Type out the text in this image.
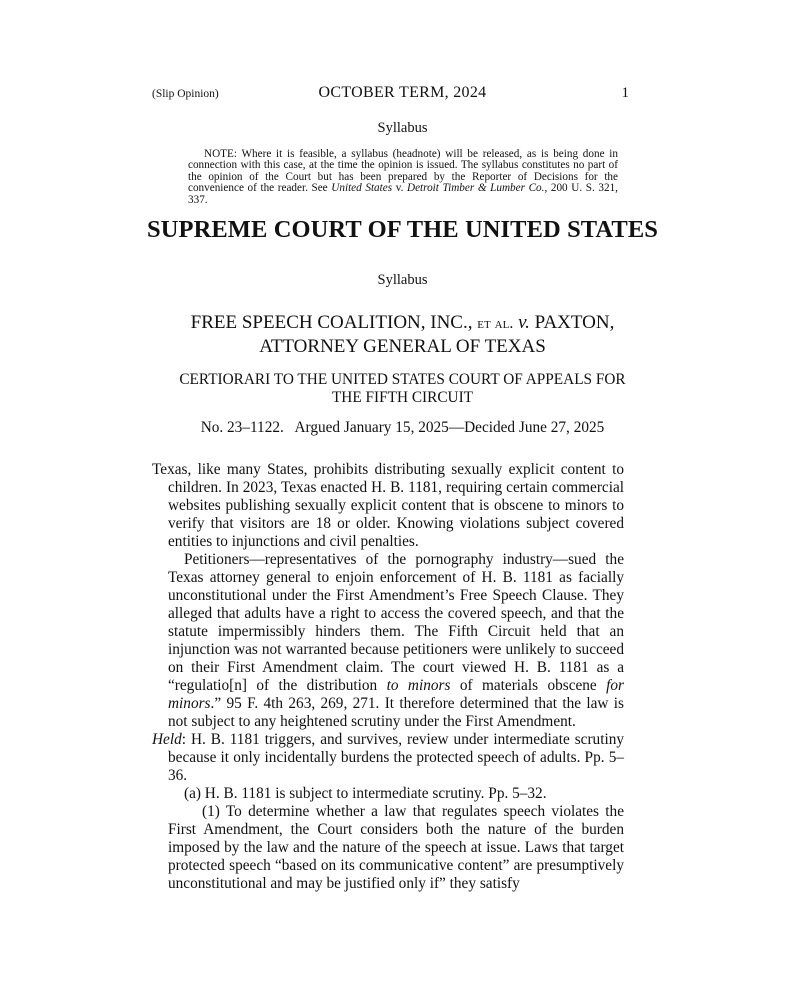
(Slip Opinion)	OCTOBER TERM, 2024	1
Syllabus

NOTE: Where it is feasible, a syllabus (headnote) will be released, as is being done in connection with this case, at the time the opinion is issued. The syllabus constitutes no part of the opinion of the Court but has been prepared by the Reporter of Decisions for the convenience of the reader. See United States v. Detroit Timber & Lumber Co., 200 U. S. 321, 337.

SUPREME COURT OF THE UNITED STATES
Syllabus
FREE SPEECH COALITION, INC., et al. v. PAXTON,
ATTORNEY GENERAL OF TEXAS
CERTIORARI TO THE UNITED STATES COURT OF APPEALS FOR
THE FIFTH CIRCUIT
No. 23–1122.   Argued January 15, 2025—Decided June 27, 2025

Texas, like many States, prohibits distributing sexually explicit content to children. In 2023, Texas enacted H. B. 1181, requiring certain commercial websites publishing sexually explicit content that is obscene to minors to verify that visitors are 18 or older. Knowing violations subject covered entities to injunctions and civil penalties.

Petitioners—representatives of the pornography industry—sued the Texas attorney general to enjoin enforcement of H. B. 1181 as facially unconstitutional under the First Amendment’s Free Speech Clause. They alleged that adults have a right to access the covered speech, and that the statute impermissibly hinders them. The Fifth Circuit held that an injunction was not warranted because petitioners were unlikely to succeed on their First Amendment claim. The court viewed H. B. 1181 as a “regulatio[n] of the distribution to minors of materials obscene for minors.” 95 F. 4th 263, 269, 271. It therefore determined that the law is not subject to any heightened scrutiny under the First Amendment.

Held: H. B. 1181 triggers, and survives, review under intermediate scrutiny because it only incidentally burdens the protected speech of adults. Pp. 5–36.

(a) H. B. 1181 is subject to intermediate scrutiny. Pp. 5–32.

(1) To determine whether a law that regulates speech violates the First Amendment, the Court considers both the nature of the burden imposed by the law and the nature of the speech at issue. Laws that target protected speech “based on its communicative content” are presumptively unconstitutional and may be justified only if” they satisfy
